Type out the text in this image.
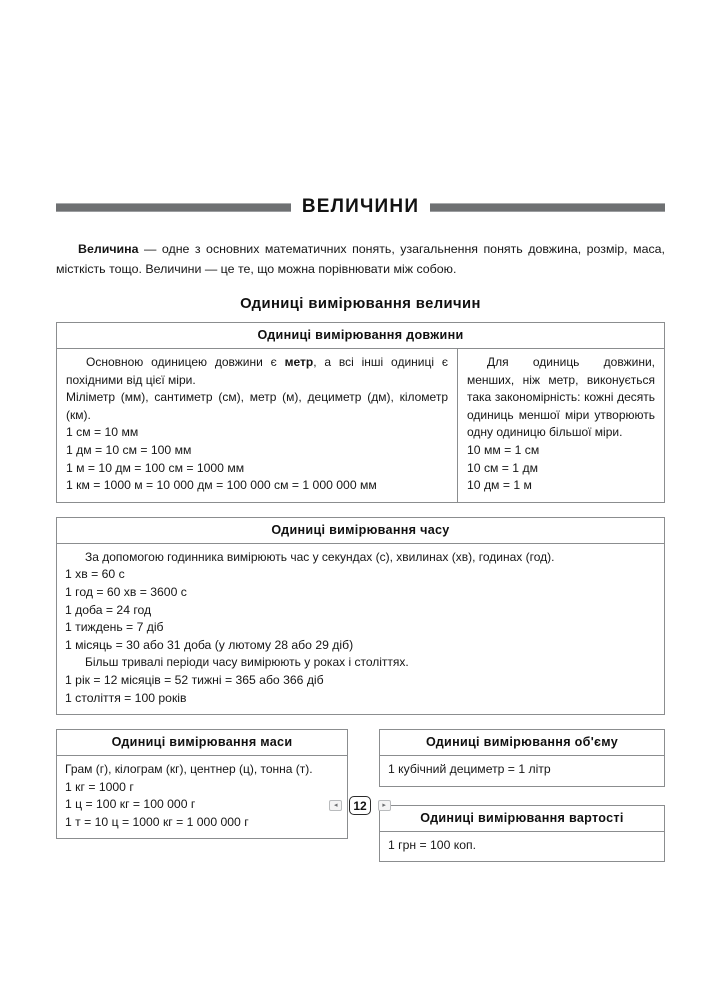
ВЕЛИЧИНИ

Величина — одне з основних математичних понять, узагальнення понять довжина, розмір, маса, місткість тощо. Величини — це те, що можна порівнювати між собою.

Одиниці вимірювання величин
Одиниці вимірювання довжини

Основною одиницею довжини є метр, а всі інші одиниці є похідними від цієї міри.

Міліметр (мм), сантиметр (см), метр (м), дециметр (дм), кілометр (км).

1 см = 10 мм

1 дм = 10 см = 100 мм

1 м = 10 дм = 100 см = 1000 мм

1 км = 1000 м = 10 000 дм = 100 000 см = 1 000 000 мм

Для одиниць довжини, менших, ніж метр, виконується така закономірність: кожні десять одиниць меншої міри утворюють одну одиницю більшої міри.

10 мм = 1 см

10 см = 1 дм

10 дм = 1 м

Одиниці вимірювання часу

За допомогою годинника вимірюють час у секундах (с), хвилинах (хв), годинах (год).

1 хв = 60 с

1 год = 60 хв = 3600 с

1 доба = 24 год

1 тиждень = 7 діб

1 місяць = 30 або 31 доба (у лютому 28 або 29 діб)

Більш тривалі періоди часу вимірюють у роках і століттях.

1 рік = 12 місяців = 52 тижні = 365 або 366 діб

1 століття = 100 років

Одиниці вимірювання маси

Грам (г), кілограм (кг), центнер (ц), тонна (т).

1 кг = 1000 г

1 ц = 100 кг = 100 000 г

1 т = 10 ц = 1000 кг = 1 000 000 г

Одиниці вимірювання об'єму

1 кубічний дециметр = 1 літр

Одиниці вимірювання вартості

1 грн = 100 коп.

◂	12	▸
